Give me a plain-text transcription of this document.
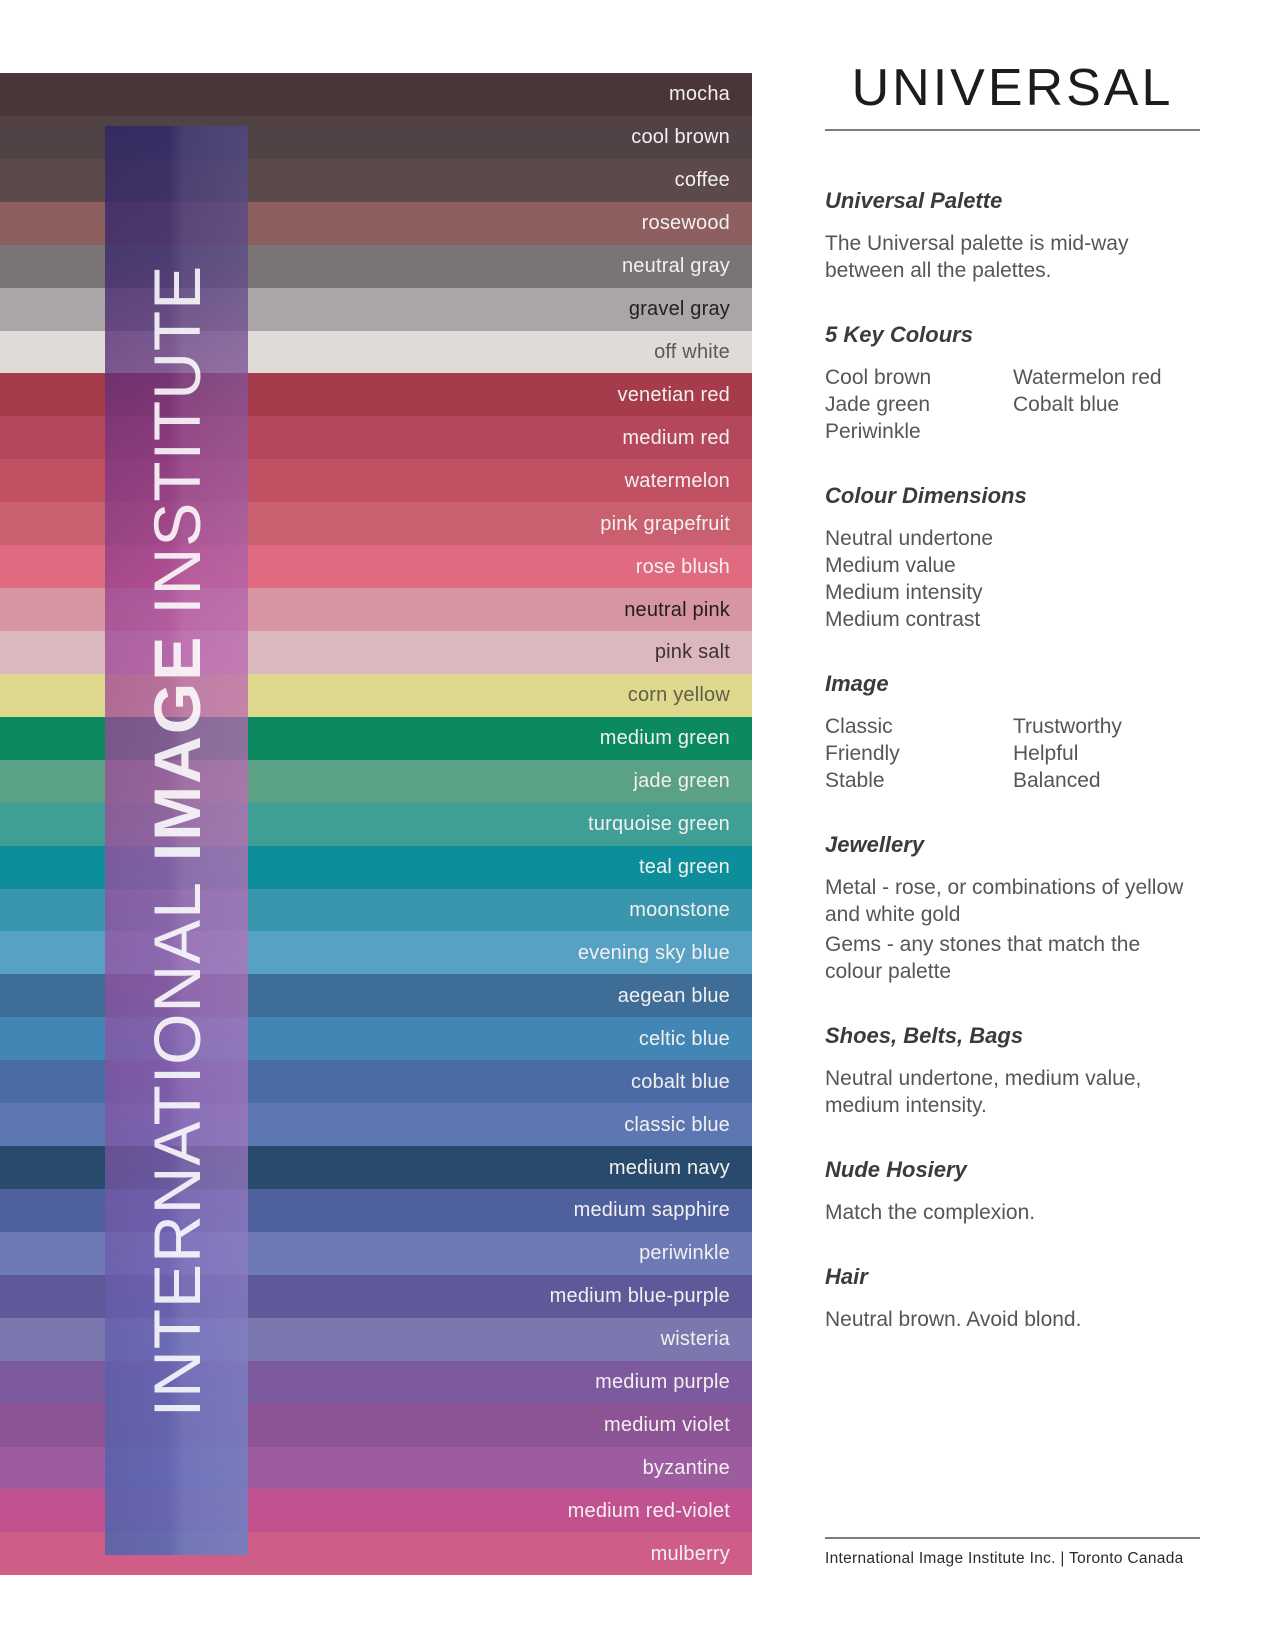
mocha
cool brown
coffee
rosewood
neutral gray
gravel gray
off white
venetian red
medium red
watermelon
pink grapefruit
rose blush
neutral pink
pink salt
corn yellow
medium green
jade green
turquoise green
teal green
moonstone
evening sky blue
aegean blue
celtic blue
cobalt blue
classic blue
medium navy
medium sapphire
periwinkle
medium blue-purple
wisteria
medium purple
medium violet
byzantine
medium red-violet
mulberry
INTERNATIONALIMAGEINSTITUTE
UNIVERSAL
Universal Palette
The Universal palette is mid-way between all the palettes.
5 Key Colours
Cool brown
Jade green
Periwinkle
Watermelon red
Cobalt blue
Colour Dimensions
Neutral undertone
Medium value
Medium intensity
Medium contrast
Image
Classic
Friendly
Stable
Trustworthy
Helpful
Balanced
Jewellery
Metal - rose, or combinations of yellow and white gold
Gems - any stones that match the colour palette
Shoes, Belts, Bags
Neutral undertone, medium value, medium intensity.
Nude Hosiery
Match the complexion.
Hair
Neutral brown. Avoid blond.
International Image Institute Inc. | Toronto Canada
